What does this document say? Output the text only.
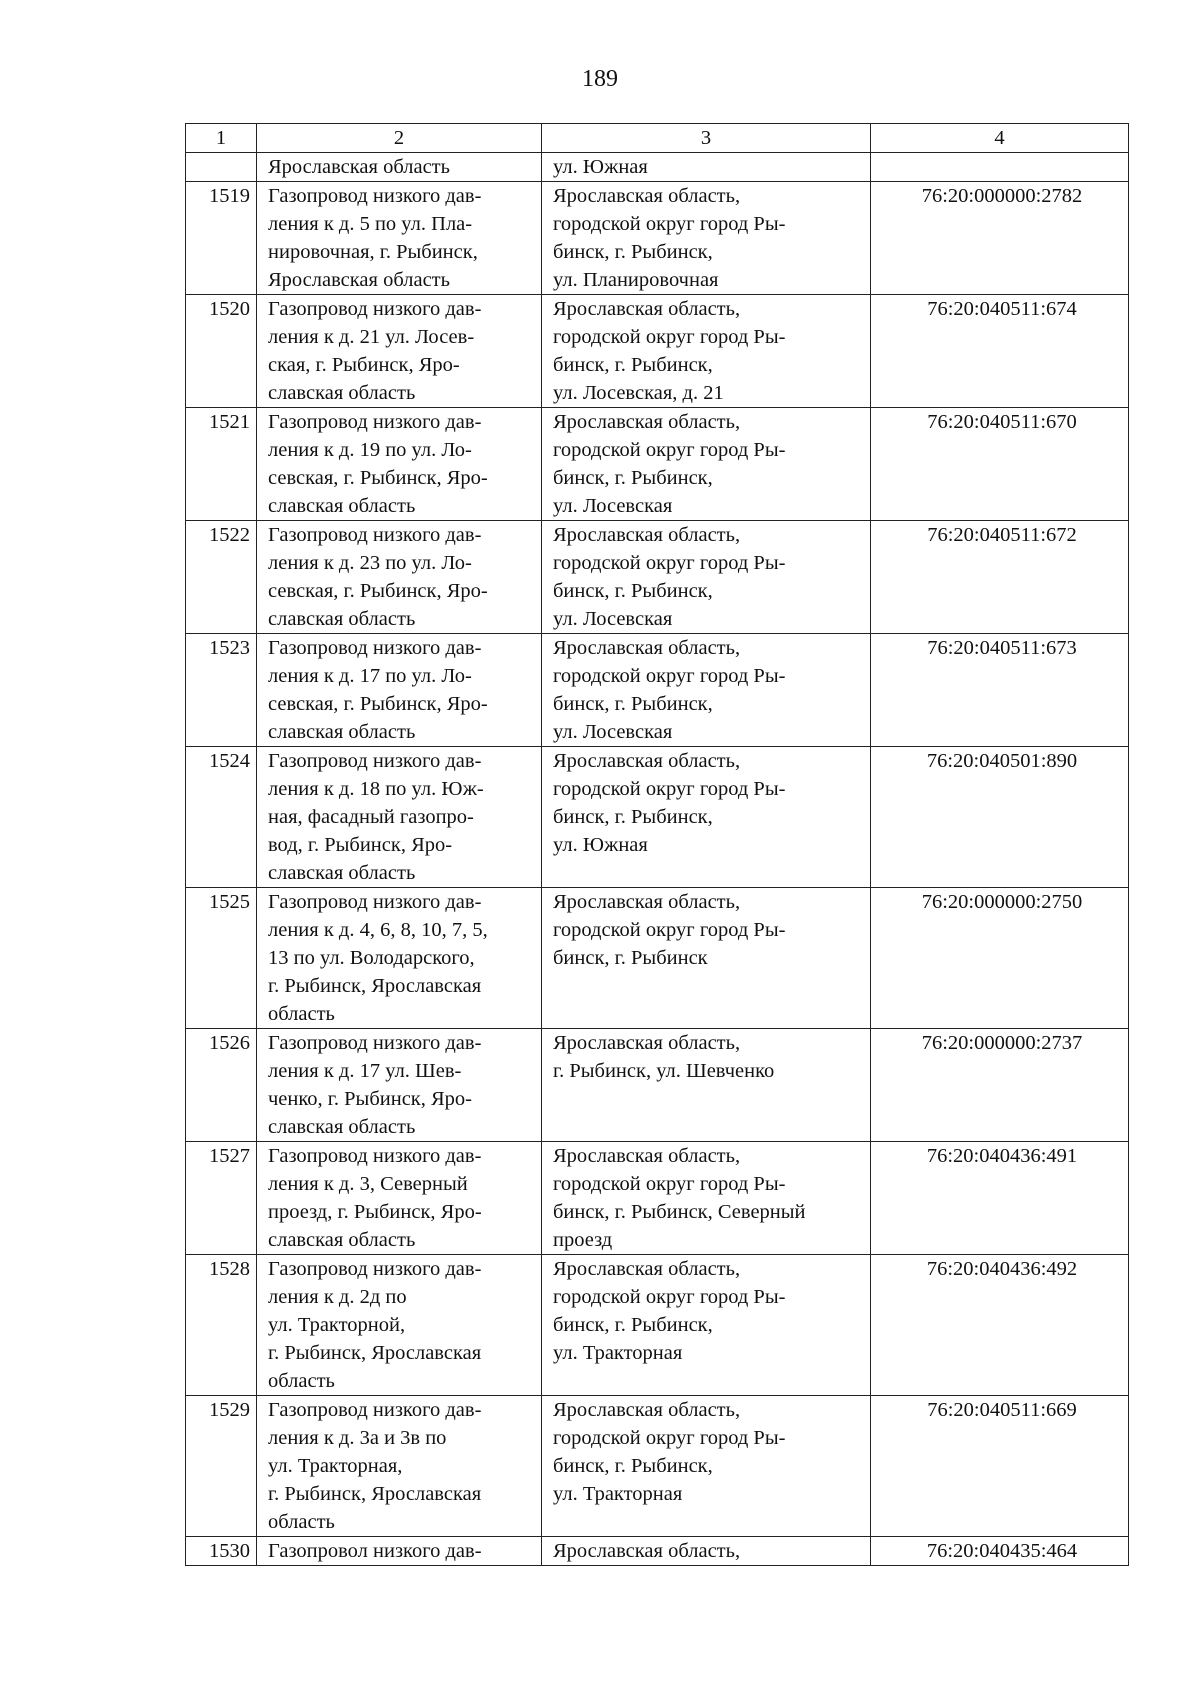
189
1	2	3	4

	Ярославская область	ул. Южная	

1519	Газопровод низкого дав-
ления к д. 5 по ул. Пла-
нировочная, г. Рыбинск,
Ярославская область	Ярославская область,
городской округ город Ры-
бинск, г. Рыбинск,
ул. Планировочная	76:20:000000:2782
1520	Газопровод низкого дав-
ления к д. 21 ул. Лосев-
ская, г. Рыбинск, Яро-
славская область	Ярославская область,
городской округ город Ры-
бинск, г. Рыбинск,
ул. Лосевская, д. 21	76:20:040511:674
1521	Газопровод низкого дав-
ления к д. 19 по ул. Ло-
севская, г. Рыбинск, Яро-
славская область	Ярославская область,
городской округ город Ры-
бинск, г. Рыбинск,
ул. Лосевская	76:20:040511:670
1522	Газопровод низкого дав-
ления к д. 23 по ул. Ло-
севская, г. Рыбинск, Яро-
славская область	Ярославская область,
городской округ город Ры-
бинск, г. Рыбинск,
ул. Лосевская	76:20:040511:672
1523	Газопровод низкого дав-
ления к д. 17 по ул. Ло-
севская, г. Рыбинск, Яро-
славская область	Ярославская область,
городской округ город Ры-
бинск, г. Рыбинск,
ул. Лосевская	76:20:040511:673
1524	Газопровод низкого дав-
ления к д. 18 по ул. Юж-
ная, фасадный газопро-
вод, г. Рыбинск, Яро-
славская область	Ярославская область,
городской округ город Ры-
бинск, г. Рыбинск,
ул. Южная	76:20:040501:890
1525	Газопровод низкого дав-
ления к д. 4, 6, 8, 10, 7, 5,
13 по ул. Володарского,
г. Рыбинск, Ярославская
область	Ярославская область,
городской округ город Ры-
бинск, г. Рыбинск	76:20:000000:2750
1526	Газопровод низкого дав-
ления к д. 17 ул. Шев-
ченко, г. Рыбинск, Яро-
славская область	Ярославская область,
г. Рыбинск, ул. Шевченко	76:20:000000:2737
1527	Газопровод низкого дав-
ления к д. 3, Северный
проезд, г. Рыбинск, Яро-
славская область	Ярославская область,
городской округ город Ры-
бинск, г. Рыбинск, Северный
проезд	76:20:040436:491
1528	Газопровод низкого дав-
ления к д. 2д по
ул. Тракторной,
г. Рыбинск, Ярославская
область	Ярославская область,
городской округ город Ры-
бинск, г. Рыбинск,
ул. Тракторная	76:20:040436:492
1529	Газопровод низкого дав-
ления к д. 3а и 3в по
ул. Тракторная,
г. Рыбинск, Ярославская
область	Ярославская область,
городской округ город Ры-
бинск, г. Рыбинск,
ул. Тракторная	76:20:040511:669
1530	Газопровол низкого дав-	Ярославская область,	76:20:040435:464
